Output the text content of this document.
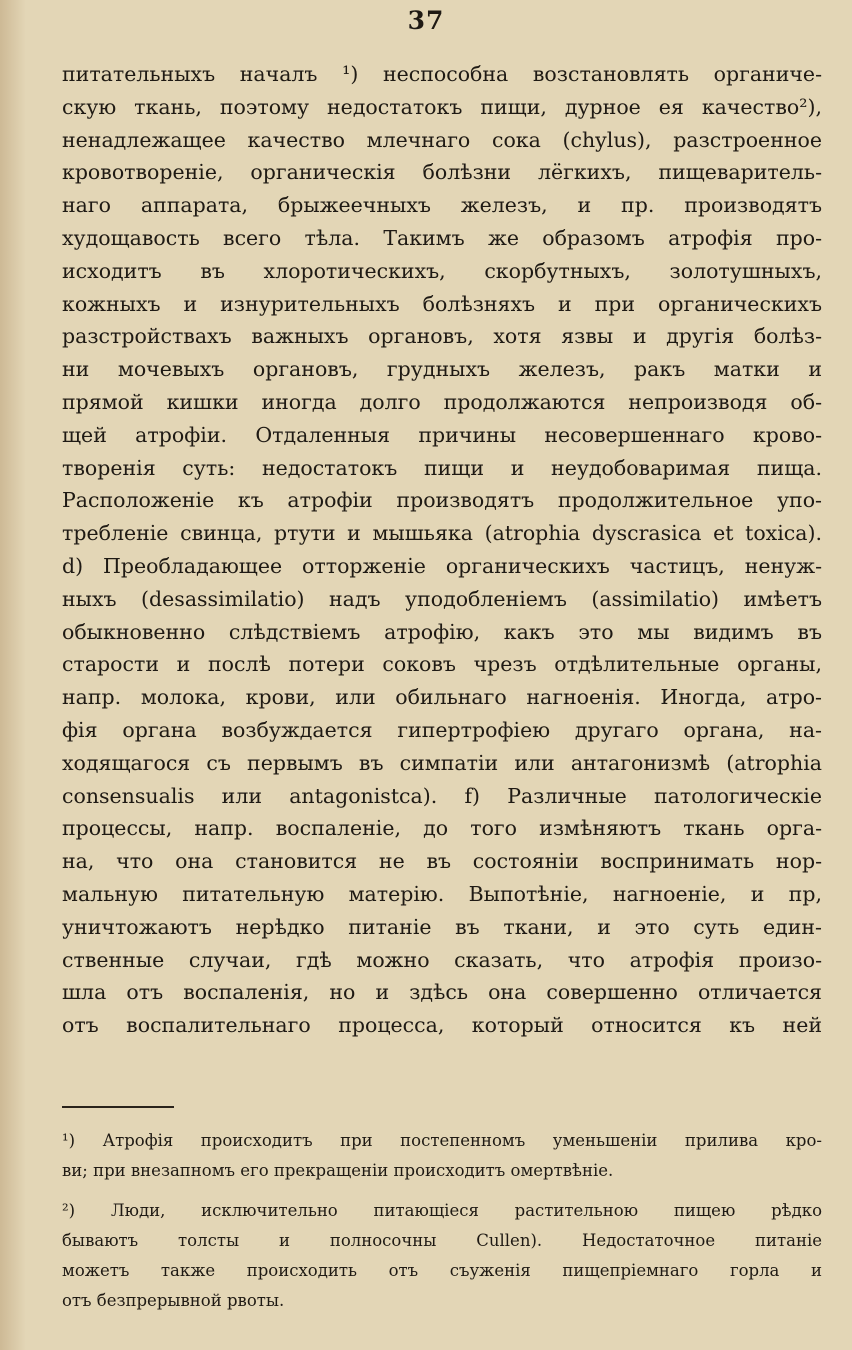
37
питательныхъ началъ ¹) неспособна возстановлять органиче-
скую ткань, поэтому недостатокъ пищи, дурное ея качество²),
ненадлежащее качество млечнаго сока (chylus), разстроенное
кровотвореніе, органическія болѣзни лёгкихъ, пищеваритель-
наго аппарата, брыжеечныхъ железъ, и пр. производятъ
худощавость всего тѣла. Такимъ же образомъ атрофія про-
исходитъ въ хлоротическихъ, скорбутныхъ, золотушныхъ,
кожныхъ и изнурительныхъ болѣзняхъ и при органическихъ
разстройствахъ важныхъ органовъ, хотя язвы и другія болѣз-
ни мочевыхъ органовъ, грудныхъ железъ, ракъ матки и
прямой кишки иногда долго продолжаются непроизводя об-
щей атрофіи. Отдаленныя причины несовершеннаго крово-
творенія суть: недостатокъ пищи и неудобоваримая пища.
Расположеніе къ атрофіи производятъ продолжительное упо-
требленіе свинца, ртути и мышьяка (atrophia dyscrasica et toxica).
d) Преобладающее отторженіе органическихъ частицъ, ненуж-
ныхъ (desassimilatio) надъ уподобленіемъ (assimilatio) имѣетъ
обыкновенно слѣдствіемъ атрофію, какъ это мы видимъ въ
старости и послѣ потери соковъ чрезъ отдѣлительные органы,
напр. молока, крови, или обильнаго нагноенія. Иногда, атро-
фія органа возбуждается гипертрофіею другаго органа, на-
ходящагося съ первымъ въ симпатіи или антагонизмѣ (atrophia
consensualis или antagonistca). f) Различные патологическіе
процессы, напр. воспаленіе, до того измѣняютъ ткань орга-
на, что она становится не въ состояніи воспринимать нор-
мальную питательную матерію. Выпотѣніе, нагноеніе, и пр,
уничтожаютъ нерѣдко питаніе въ ткани, и это суть един-
ственные случаи, гдѣ можно сказать, что атрофія произо-
шла отъ воспаленія, но и здѣсь она совершенно отличается
отъ воспалительнаго процесса, который относится къ ней
¹) Атрофія происходитъ при постепенномъ уменьшеніи прилива кро-
ви; при внезапномъ его прекращеніи происходитъ омертвѣніе.
²) Люди, исключительно питающіеся растительною пищею рѣдко
бываютъ толсты и полносочны Cullen). Недостаточное питаніе
можетъ также происходить отъ съуженія пищепріемнаго горла и
отъ безпрерывной рвоты.
